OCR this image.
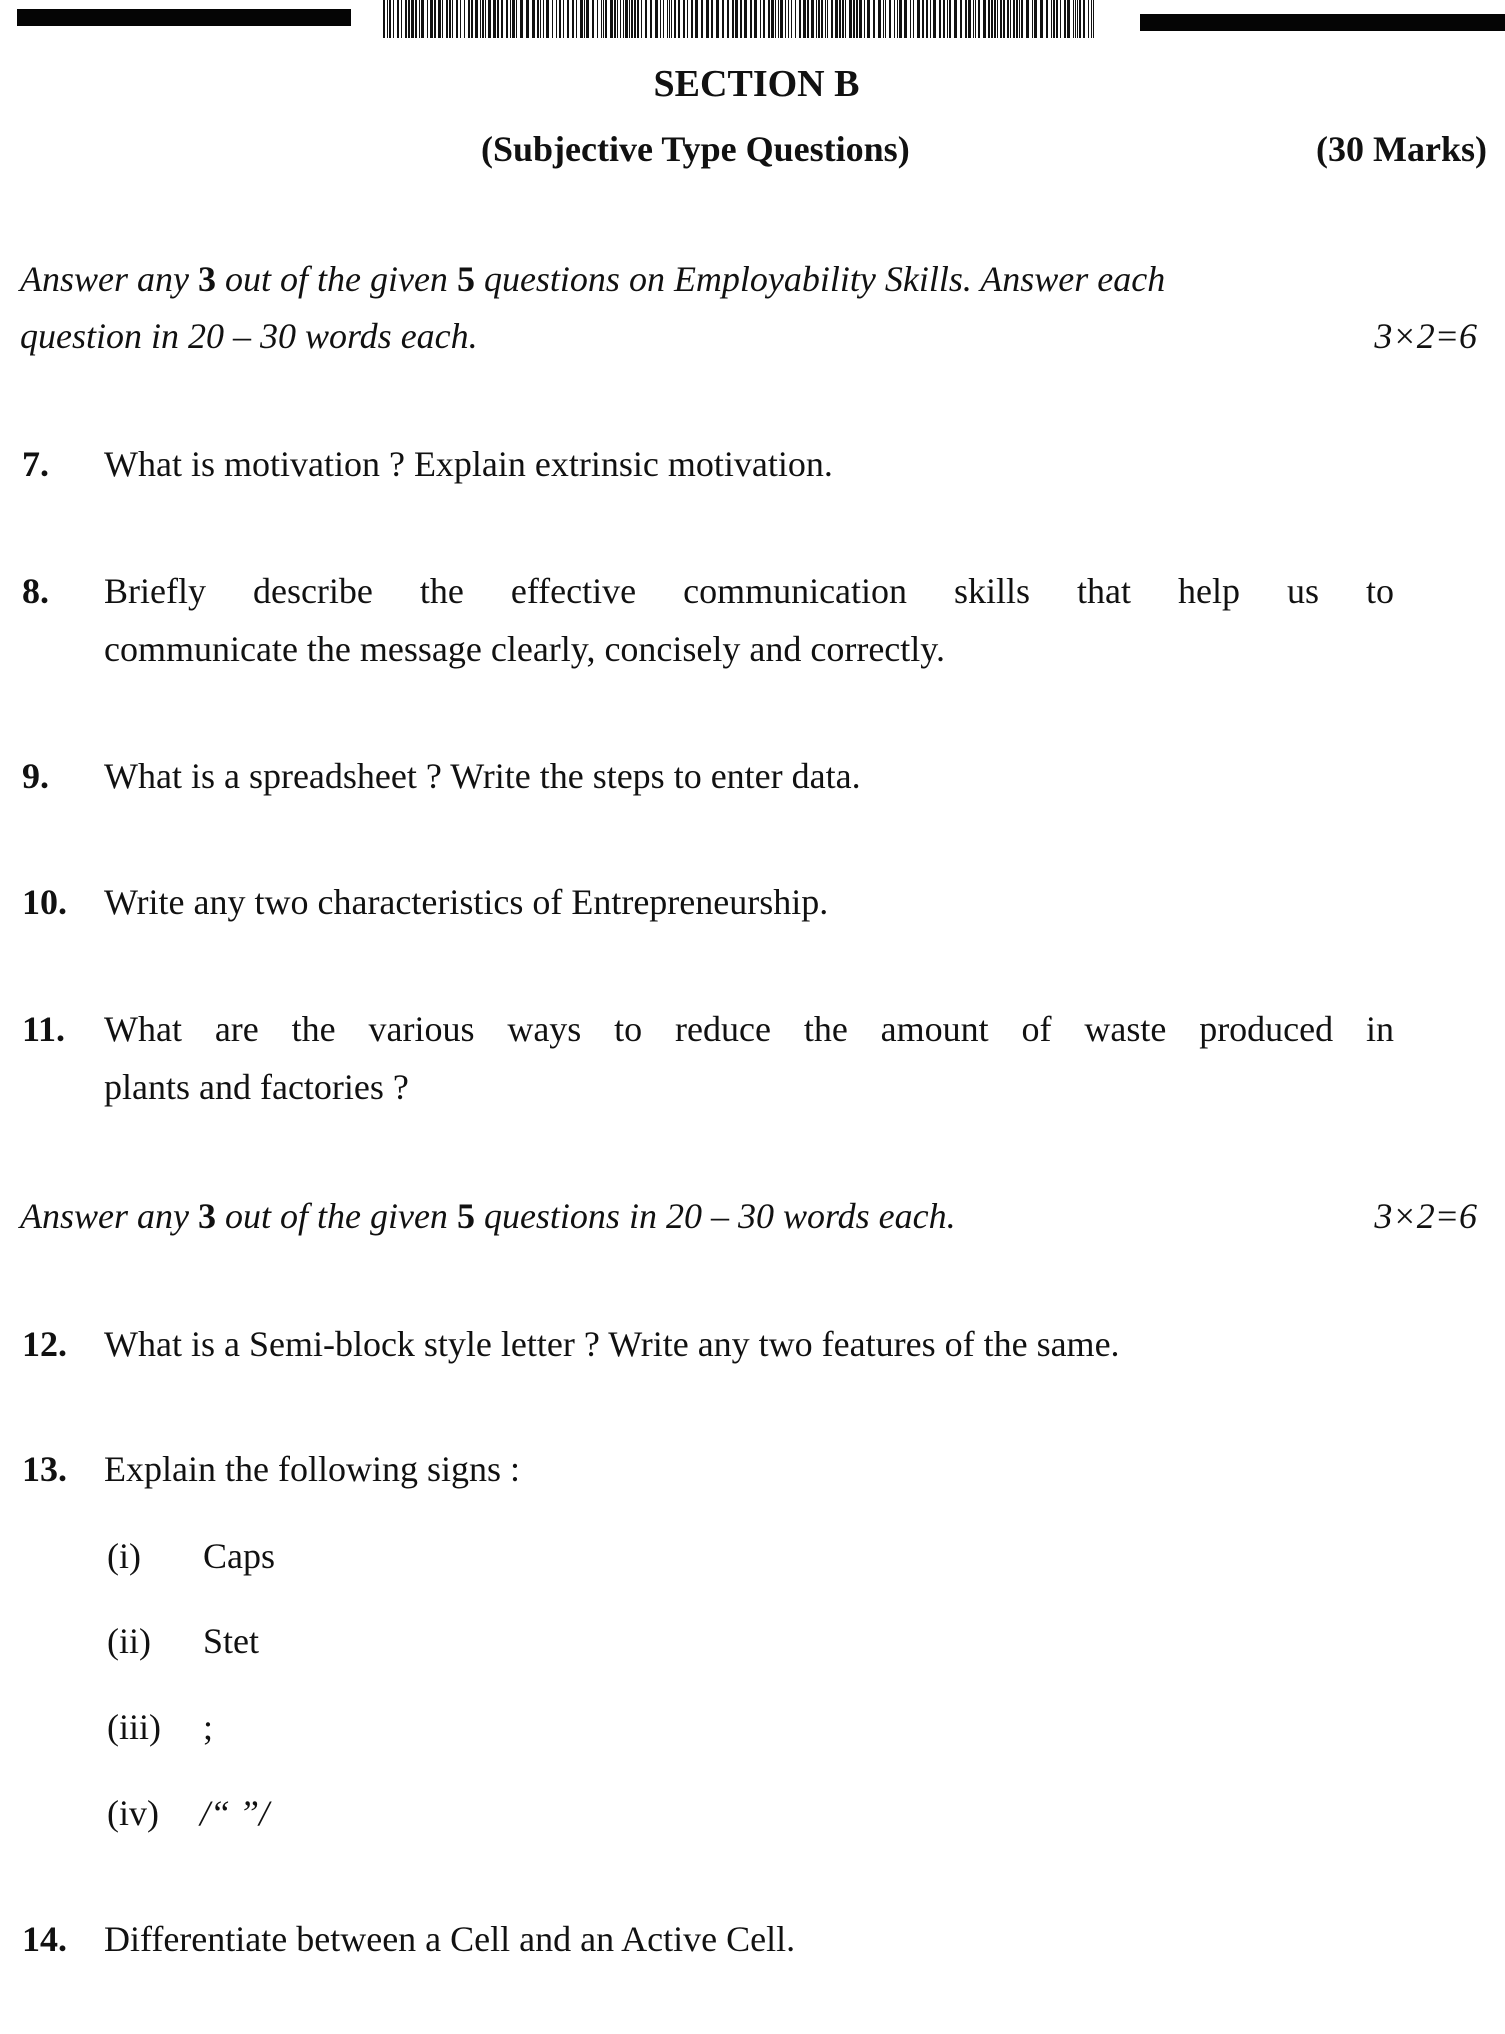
SECTION B
(Subjective Type Questions)	(30 Marks)
Answer any 3 out of the given 5 questions on Employability Skills. Answer each
question in 20 – 30 words each.	3×2=6
7. What is motivation ? Explain extrinsic motivation.
8. Briefly describe the effective communication skills that help us to
communicate the message clearly, concisely and correctly.
9. What is a spreadsheet ? Write the steps to enter data.
10. Write any two characteristics of Entrepreneurship.
11. What are the various ways to reduce the amount of waste produced in
plants and factories ?
Answer any 3 out of the given 5 questions in 20 – 30 words each.	3×2=6
12. What is a Semi-block style letter ? Write any two features of the same.
13. Explain the following signs :
(i) Caps
(ii) Stet
(iii) ;
(iv) /“ ”/
14. Differentiate between a Cell and an Active Cell.
